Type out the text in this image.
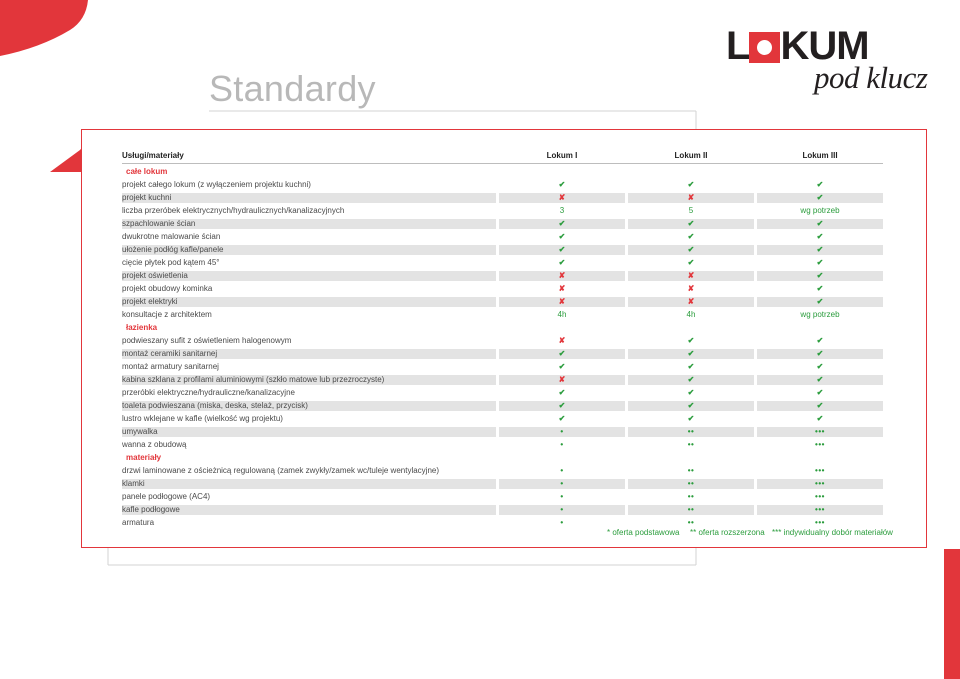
Standardy
L KUM
pod klucz
Usługi/materiały		Lokum I		Lokum II		Lokum III
całe lokum						
projekt całego lokum (z wyłączeniem projektu kuchni)		✔		✔		✔
projekt kuchni		✘		✘		✔
liczba przeróbek elektrycznych/hydraulicznych/kanalizacyjnych		3		5		wg potrzeb
szpachlowanie ścian		✔		✔		✔
dwukrotne malowanie ścian		✔		✔		✔
ułożenie podłóg kafle/panele		✔		✔		✔
cięcie płytek pod kątem 45°		✔		✔		✔
projekt oświetlenia		✘		✘		✔
projekt obudowy kominka		✘		✘		✔
projekt elektryki		✘		✘		✔
konsultacje z architektem		4h		4h		wg potrzeb
łazienka						
podwieszany sufit z oświetleniem halogenowym		✘		✔		✔
montaż ceramiki sanitarnej		✔		✔		✔
montaż armatury sanitarnej		✔		✔		✔
kabina szklana z profilami aluminiowymi (szkło matowe lub przezroczyste)		✘		✔		✔
przeróbki elektryczne/hydrauliczne/kanalizacyjne		✔		✔		✔
toaleta podwieszana (miska, deska, stelaż, przycisk)		✔		✔		✔
lustro wklejane w kafle (wielkość wg projektu)		✔		✔		✔
umywalka		•		••		•••
wanna z obudową		•		••		•••
materiały						
drzwi laminowane z ościeżnicą regulowaną (zamek zwykły/zamek wc/tuleje wentylacyjne)		•		••		•••
klamki		•		••		•••
panele podłogowe (AC4)		•		••		•••
kafle podłogowe		•		••		•••
armatura		•		••		•••
* oferta podstawowa ** oferta rozszerzona *** indywidualny dobór materiałów
